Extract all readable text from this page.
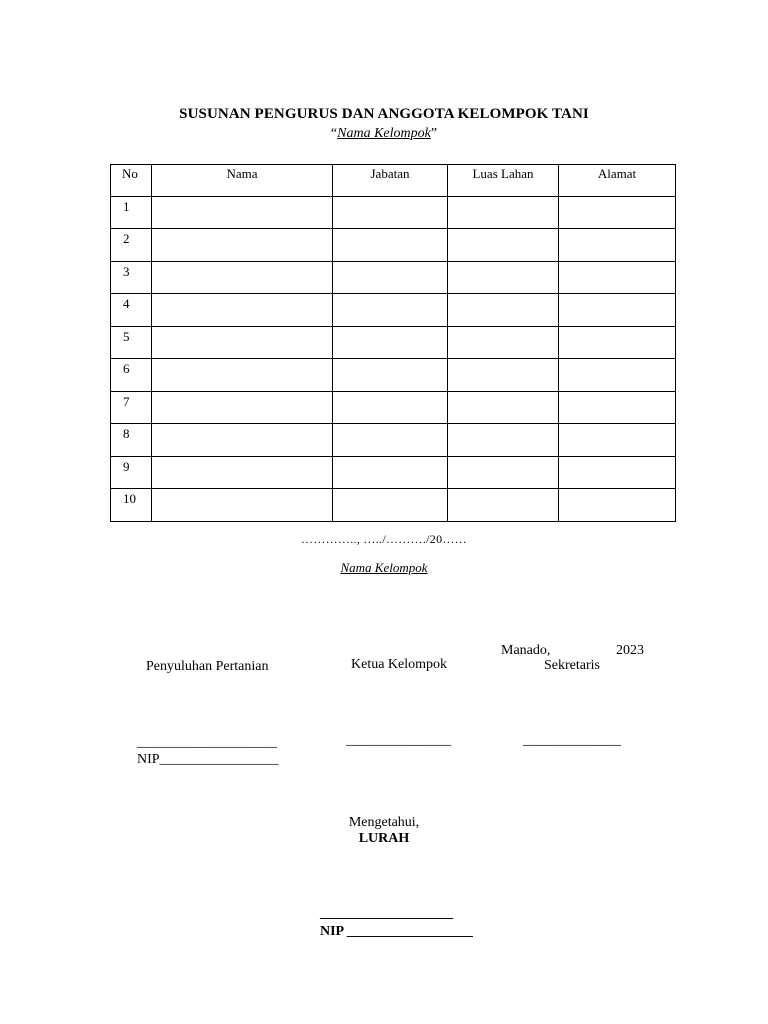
SUSUNAN PENGURUS DAN ANGGOTA KELOMPOK TANI
“Nama Kelompok”
No	Nama	Jabatan	Luas Lahan	Alamat
1				
2				
3				
4				
5				
6				
7				
8				
9				
10				
………….., …../………./20……
Nama Kelompok
Manado,	2023
Penyuluhan Pertanian	Ketua Kelompok	Sekretaris
____________________
NIP_________________
_______________	______________
Mengetahui,
LURAH
___________________
NIP __________________
